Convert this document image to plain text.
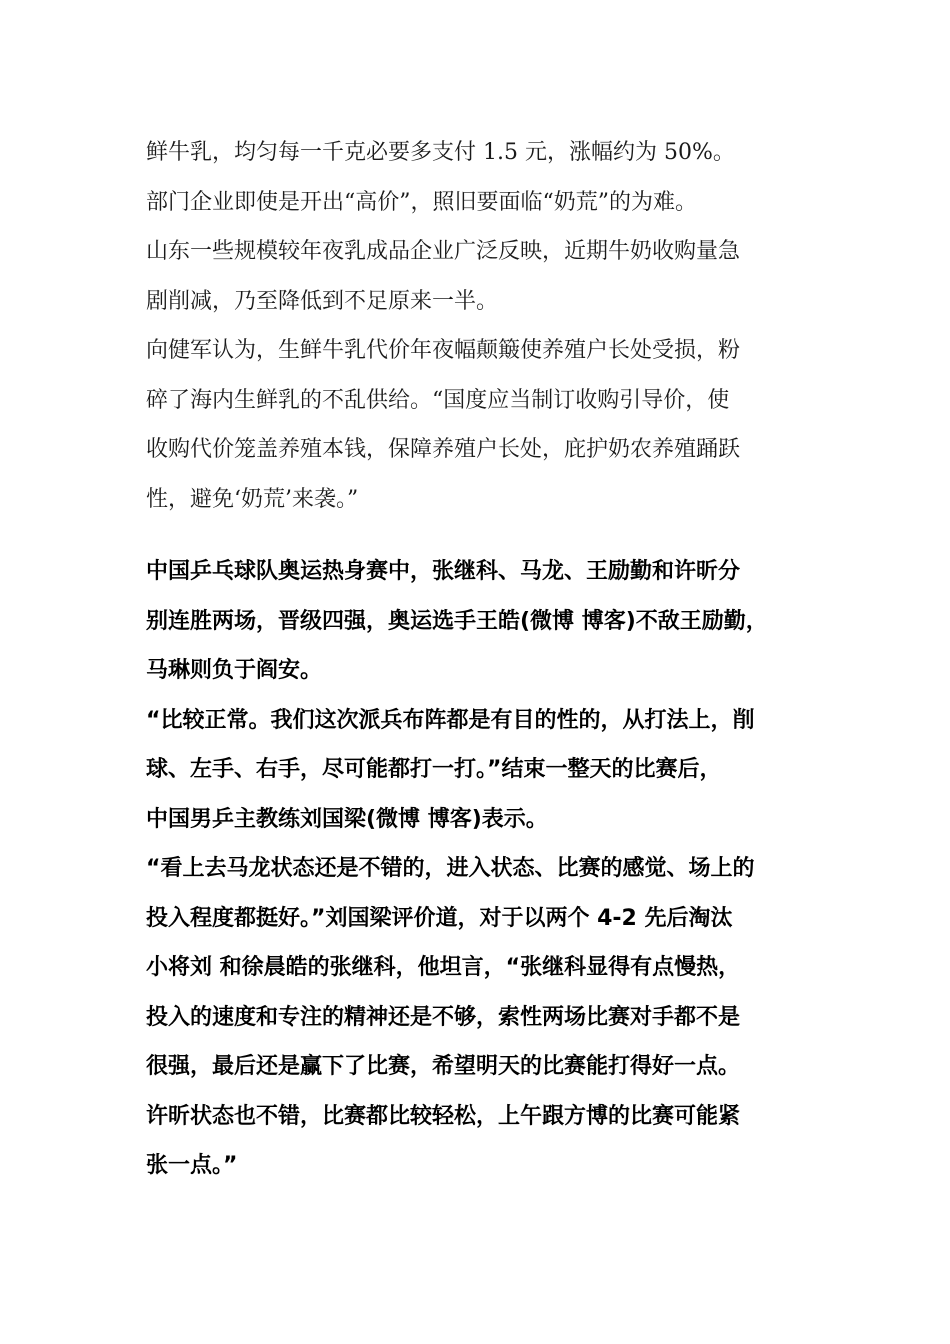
鲜牛乳，均匀每一千克必要多支付 1.5 元，涨幅约为 50%。

部门企业即使是开出“高价”，照旧要面临“奶荒”的为难。

山东一些规模较年夜乳成品企业广泛反映，近期牛奶收购量急
剧削减，乃至降低到不足原来一半。

向健军认为，生鲜牛乳代价年夜幅颠簸使养殖户长处受损，粉
碎了海内生鲜乳的不乱供给。“国度应当制订收购引导价，使
收购代价笼盖养殖本钱，保障养殖户长处，庇护奶农养殖踊跃
性，避免‘奶荒’来袭。”

中国乒乓球队奥运热身赛中，张继科、马龙、王励勤和许昕分
别连胜两场，晋级四强，奥运选手王皓(微博 博客)不敌王励勤，
马琳则负于阎安。

“比较正常。我们这次派兵布阵都是有目的性的，从打法上，削
球、左手、右手，尽可能都打一打。”结束一整天的比赛后，
中国男乒主教练刘国梁(微博 博客)表示。

“看上去马龙状态还是不错的，进入状态、比赛的感觉、场上的
投入程度都挺好。”刘国梁评价道，对于以两个 4-2 先后淘汰
小将刘 和徐晨皓的张继科，他坦言，“张继科显得有点慢热，
投入的速度和专注的精神还是不够，索性两场比赛对手都不是
很强，最后还是赢下了比赛，希望明天的比赛能打得好一点。
许昕状态也不错，比赛都比较轻松，上午跟方博的比赛可能紧
张一点。”
